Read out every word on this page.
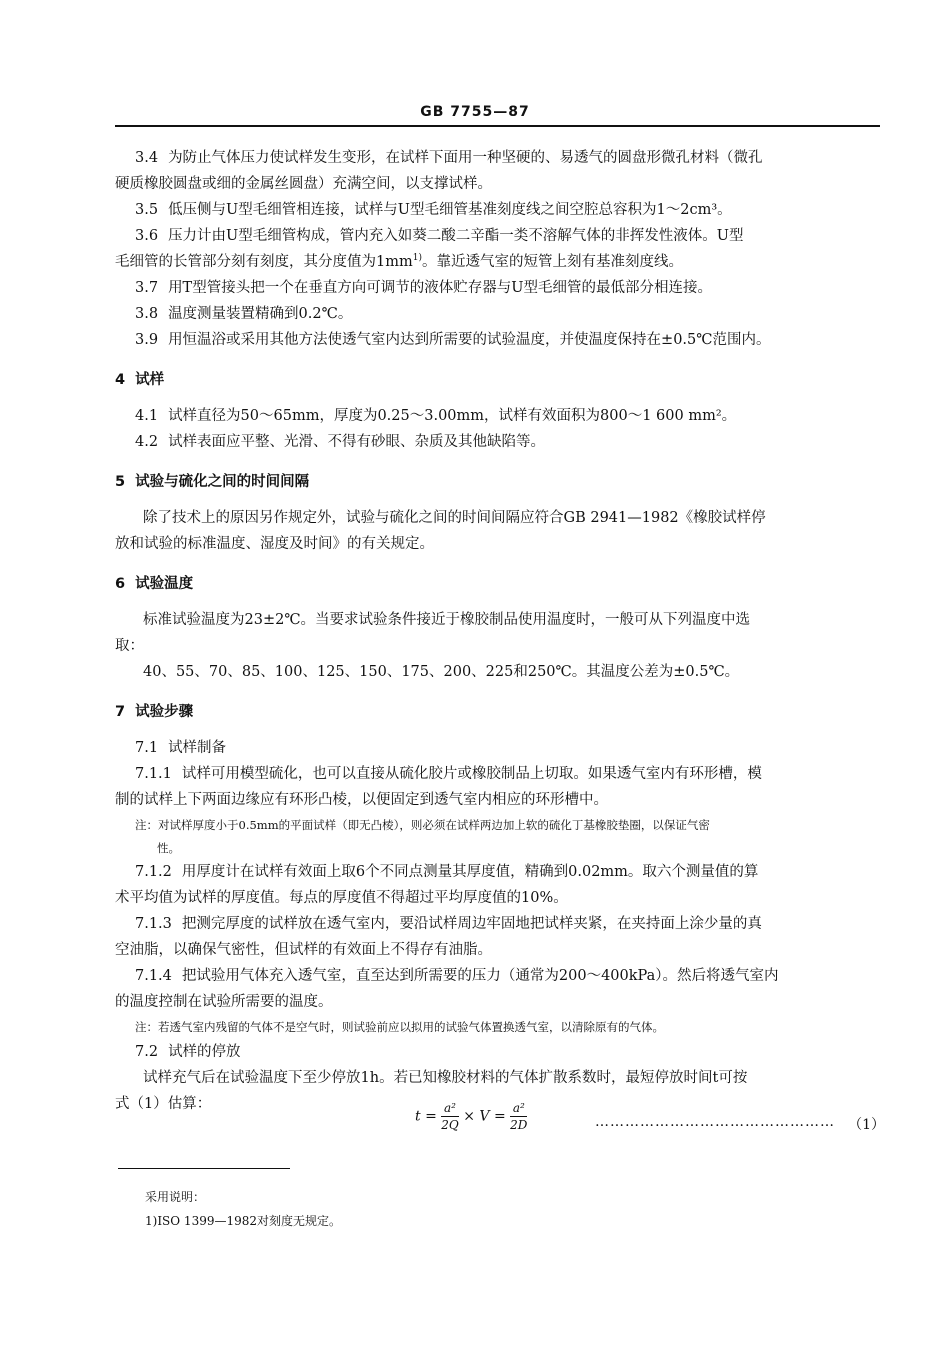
GB 7755—87
3.4 为防止气体压力使试样发生变形，在试样下面用一种坚硬的、易透气的圆盘形微孔材料（微孔
硬质橡胶圆盘或细的金属丝圆盘）充满空间，以支撑试样。
3.5 低压侧与U型毛细管相连接，试样与U型毛细管基准刻度线之间空腔总容积为1～2cm³。
3.6 压力计由U型毛细管构成，管内充入如葵二酸二辛酯一类不溶解气体的非挥发性液体。U型
毛细管的长管部分刻有刻度，其分度值为$1mm^{1)}$。靠近透气室的短管上刻有基准刻度线。
3.7 用T型管接头把一个在垂直方向可调节的液体贮存器与U型毛细管的最低部分相连接。
3.8 温度测量装置精确到0.2℃。
3.9 用恒温浴或采用其他方法使透气室内达到所需要的试验温度，并使温度保持在±0.5℃范围内。
4 试样
4.1 试样直径为50～65mm，厚度为0.25～3.00mm，试样有效面积为800～1 600 mm²。
4.2 试样表面应平整、光滑、不得有砂眼、杂质及其他缺陷等。
5 试验与硫化之间的时间间隔
除了技术上的原因另作规定外，试验与硫化之间的时间间隔应符合GB 2941—1982《橡胶试样停
放和试验的标准温度、湿度及时间》的有关规定。
6 试验温度
标准试验温度为23±2℃。当要求试验条件接近于橡胶制品使用温度时，一般可从下列温度中选
取：
40、55、70、85、100、125、150、175、200、225和250℃。其温度公差为±0.5℃。
7 试验步骤
7.1 试样制备
7.1.1 试样可用模型硫化，也可以直接从硫化胶片或橡胶制品上切取。如果透气室内有环形槽，模
制的试样上下两面边缘应有环形凸棱，以便固定到透气室内相应的环形槽中。
注：对试样厚度小于0.5mm的平面试样（即无凸棱），则必须在试样两边加上软的硫化丁基橡胶垫圈，以保证气密
性。
7.1.2 用厚度计在试样有效面上取6个不同点测量其厚度值，精确到0.02mm。取六个测量值的算
术平均值为试样的厚度值。每点的厚度值不得超过平均厚度值的10%。
7.1.3 把测完厚度的试样放在透气室内，要沿试样周边牢固地把试样夹紧，在夹持面上涂少量的真
空油脂，以确保气密性，但试样的有效面上不得存有油脂。
7.1.4 把试验用气体充入透气室，直至达到所需要的压力（通常为200～400kPa）。然后将透气室内
的温度控制在试验所需要的温度。
注：若透气室内残留的气体不是空气时，则试验前应以拟用的试验气体置换透气室，以清除原有的气体。
7.2 试样的停放
试样充气后在试验温度下至少停放1h。若已知橡胶材料的气体扩散系数时，最短停放时间t可按
式（1）估算：
$t = \frac{\text{a²}}{2Q} \times V = \frac{\text{a²}}{2D}$	………………………………………… （1）
采用说明：
1)ISO 1399—1982对刻度无规定。
